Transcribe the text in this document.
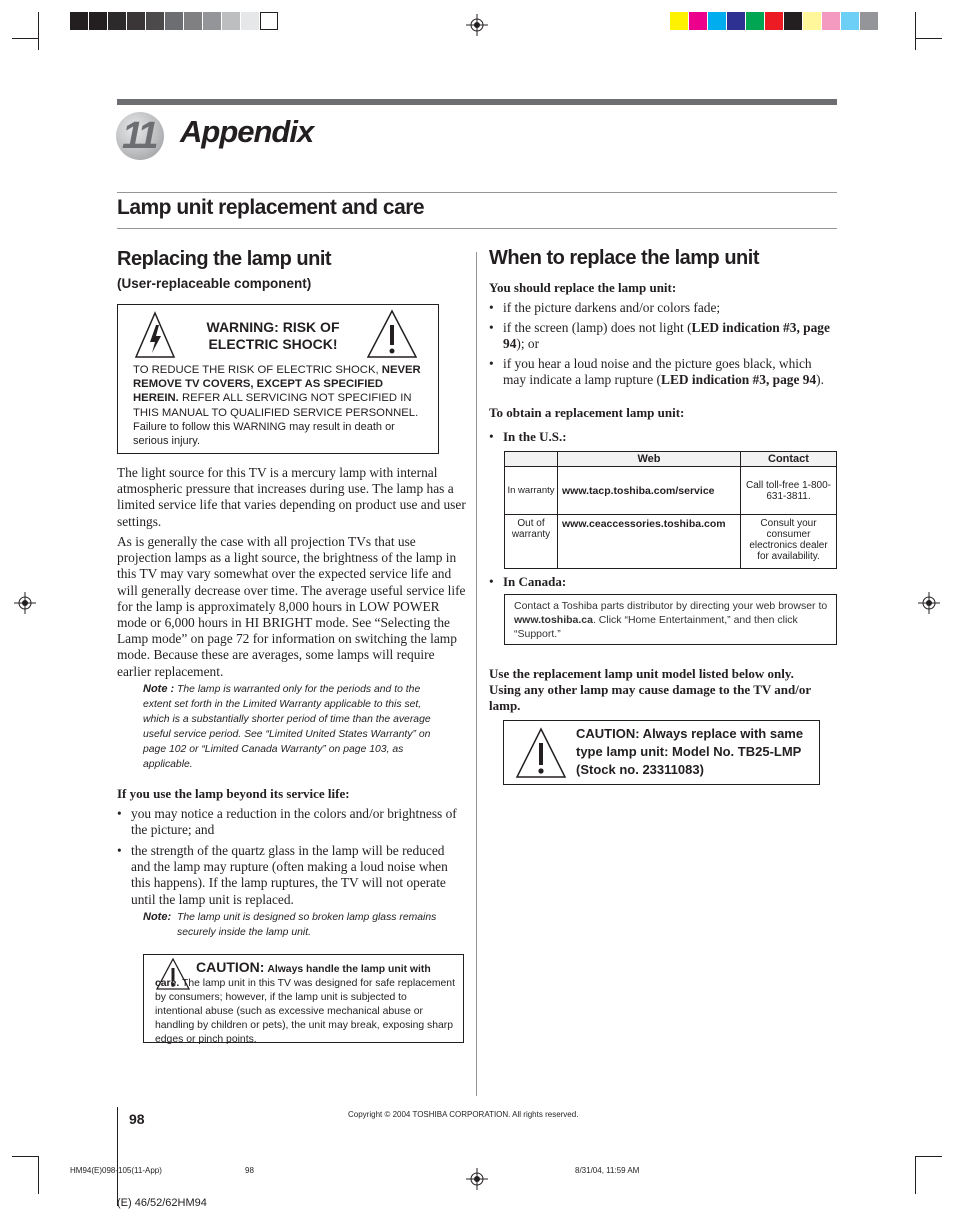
11 Appendix
Lamp unit replacement and care
Replacing the lamp unit
(User-replaceable component)
WARNING: RISK OF
ELECTRIC SHOCK!
TO REDUCE THE RISK OF ELECTRIC SHOCK, NEVER REMOVE TV COVERS, EXCEPT AS SPECIFIED HEREIN. REFER ALL SERVICING NOT SPECIFIED IN THIS MANUAL TO QUALIFIED SERVICE PERSONNEL.
Failure to follow this WARNING may result in death or serious injury.
The light source for this TV is a mercury lamp with internal atmospheric pressure that increases during use. The lamp has a limited service life that varies depending on product use and user settings.
As is generally the case with all projection TVs that use projection lamps as a light source, the brightness of the lamp in this TV may vary somewhat over the expected service life and will generally decrease over time. The average useful service life for the lamp is approximately 8,000 hours in LOW POWER mode or 6,000 hours in HI BRIGHT mode. See “Selecting the Lamp mode” on page 72 for information on switching the lamp mode. Because these are averages, some lamps will require earlier replacement.
Note : The lamp is warranted only for the periods and to the extent set forth in the Limited Warranty applicable to this set, which is a substantially shorter period of time than the average useful service period. See “Limited United States Warranty” on page 102 or “Limited Canada Warranty” on page 103, as applicable.
If you use the lamp beyond its service life:
• you may notice a reduction in the colors and/or brightness of the picture; and
• the strength of the quartz glass in the lamp will be reduced and the lamp may rupture (often making a loud noise when this happens). If the lamp ruptures, the TV will not operate until the lamp unit is replaced.
Note: The lamp unit is designed so broken lamp glass remains securely inside the lamp unit.
CAUTION: Always handle the lamp unit with care. The lamp unit in this TV was designed for safe replacement by consumers; however, if the lamp unit is subjected to intentional abuse (such as excessive mechanical abuse or handling by children or pets), the unit may break, exposing sharp edges or pinch points.
When to replace the lamp unit
You should replace the lamp unit:
• if the picture darkens and/or colors fade;
• if the screen (lamp) does not light (LED indication #3, page 94); or
• if you hear a loud noise and the picture goes black, which may indicate a lamp rupture (LED indication #3, page 94).
To obtain a replacement lamp unit:
• In the U.S.:
	Web	Contact
In warranty	www.tacp.toshiba.com/service	Call toll-free 1-800-631-3811.
Out of warranty	www.ceaccessories.toshiba.com	Consult your consumer electronics dealer for availability.
• In Canada:
Contact a Toshiba parts distributor by directing your web browser to www.toshiba.ca. Click “Home Entertainment,” and then click “Support.”
Use the replacement lamp unit model listed below only. Using any other lamp may cause damage to the TV and/or lamp.
CAUTION: Always replace with same type lamp unit: Model No. TB25-LMP (Stock no. 23311083)
98	Copyright © 2004 TOSHIBA CORPORATION. All rights reserved.
HM94(E)098-105(11-App)	98	8/31/04, 11:59 AM
(E) 46/52/62HM94
